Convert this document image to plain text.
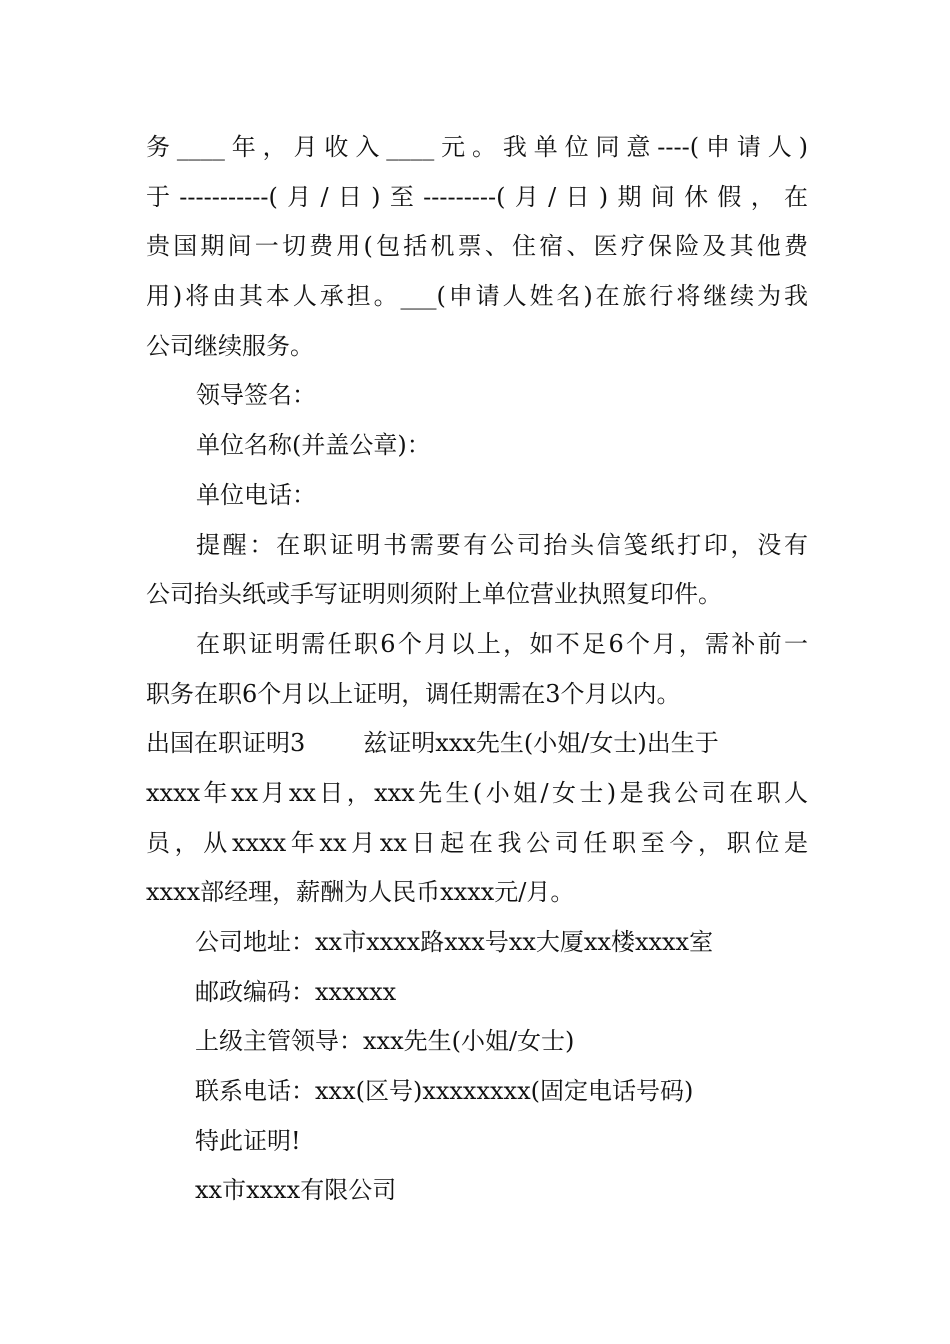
务____年，月收入____元。我单位同意----(申请人)
于-----------(月/日)至---------(月/日)期间休假，在
贵国期间一切费用(包括机票、住宿、医疗保险及其他费
用)将由其本人承担。___(申请人姓名)在旅行将继续为我
公司继续服务。
领导签名：
单位名称(并盖公章)：
单位电话：
提醒：在职证明书需要有公司抬头信笺纸打印，没有
公司抬头纸或手写证明则须附上单位营业执照复印件。
在职证明需任职6个月以上，如不足6个月，需补前一
职务在职6个月以上证明，调任期需在3个月以内。
出国在职证明3 兹证明xxx先生(小姐/女士)出生于
xxxx年xx月xx日，xxx先生(小姐/女士)是我公司在职人
员，从xxxx年xx月xx日起在我公司任职至今，职位是
xxxx部经理，薪酬为人民币xxxx元/月。
公司地址：xx市xxxx路xxx号xx大厦xx楼xxxx室
邮政编码：xxxxxx
上级主管领导：xxx先生(小姐/女士)
联系电话：xxx(区号)xxxxxxxx(固定电话号码)
特此证明!
xx市xxxx有限公司
